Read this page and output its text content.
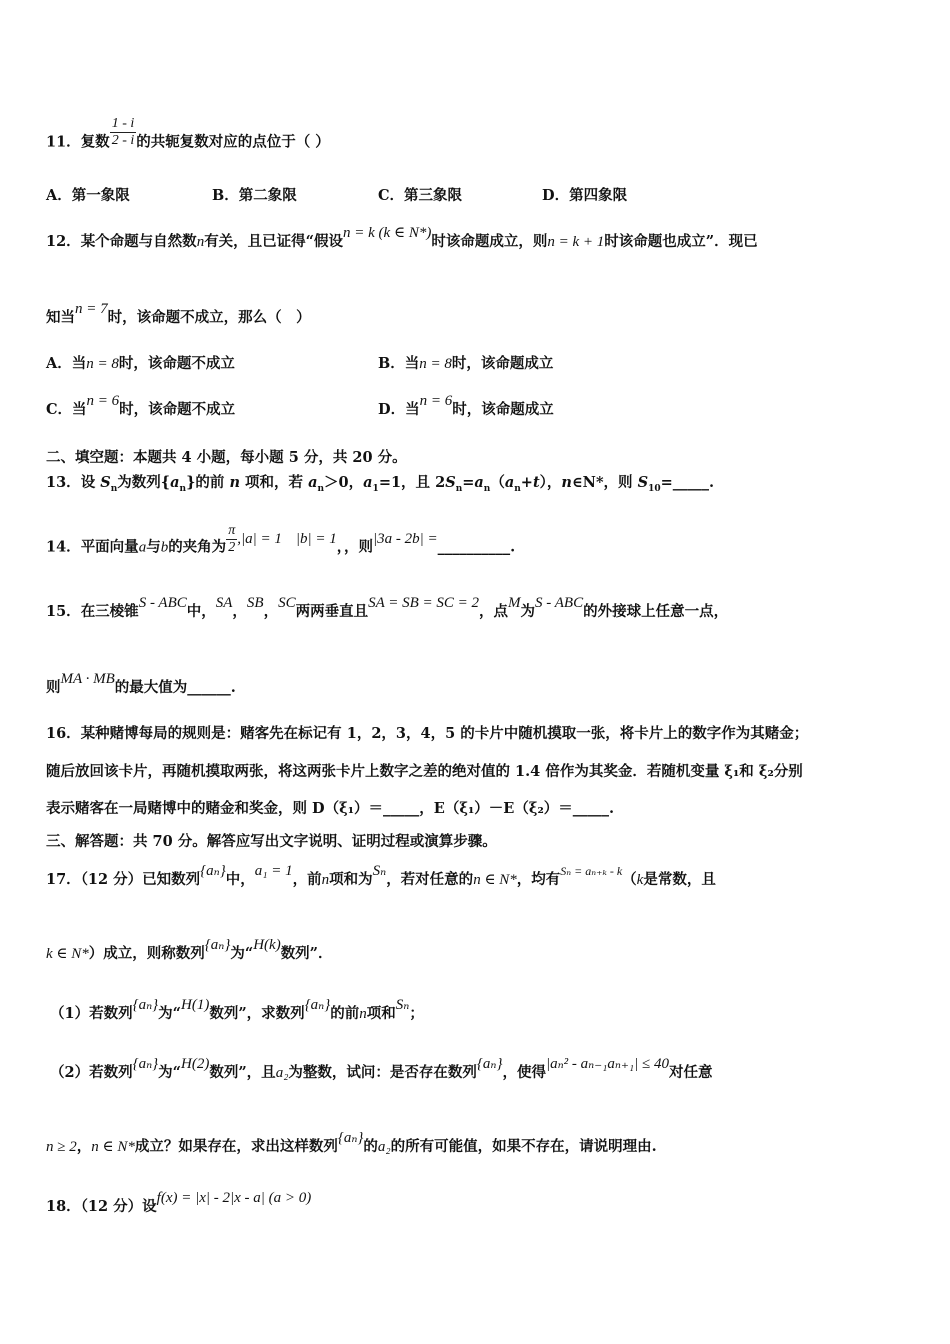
11．复数 $\frac{1 - i}{2 - i}$ 的共轭复数对应的点位于（ ）
A．第一象限	B．第二象限	C．第三象限	D．第四象限
12．某个命题与自然数n有关，且已证得“假设n = k (k ∈ N*)时该命题成立，则n = k + 1时该命题也成立”．现已
知当n = 7时，该命题不成立，那么（　）
A．当n = 8时，该命题不成立	B．当n = 8时，该命题成立
C．当n = 6时，该命题不成立	D．当n = 6时，该命题成立
二、填空题：本题共 4 小题，每小题 5 分，共 20 分。
13．设 $S_n$为数列$\{a_n\}$的前 n 项和，若 $a_n>0$，$a_1=1$，且 $2S_n=a_n(a_n+t)$，n∈N*，则 $S_{10}=\_\_\_\_\_$.
14．平面向量a与b的夹角为 $\frac{\pi}{2} ,|a| = 1$ |b| = 1，，则|3a - 2b| =__________.
15．在三棱锥S - ABC中，SA，SB，SC两两垂直且SA = SB = SC = 2，点M为S - ABC的外接球上任意一点，
则MA · MB的最大值为______.
16．某种赌博每局的规则是：赌客先在标记有 1，2，3，4，5 的卡片中随机摸取一张，将卡片上的数字作为其赌金；
随后放回该卡片，再随机摸取两张，将这两张卡片上数字之差的绝对值的 1.4 倍作为其奖金．若随机变量 ξ₁和 ξ₂分别
表示赌客在一局赌博中的赌金和奖金，则 D（ξ₁）＝_____，E（ξ₁）－E（ξ₂）＝_____.
三、解答题：共 70 分。解答应写出文字说明、证明过程或演算步骤。
17．（12 分）已知数列{aₙ}中，a₁ = 1，前n项和为Sₙ，若对任意的n ∈ N*，均有$^{S_n = a_{n+k} - k}$（k是常数，且
k ∈ N*）成立，则称数列{aₙ}为“H(k)数列”．
（1）若数列{aₙ}为“H(1)数列”，求数列{aₙ}的前n项和Sₙ；
（2）若数列{aₙ}为“H(2)数列”，且a₂为整数，试问：是否存在数列{aₙ}，使得|aₙ² - aₙ₋₁aₙ₊₁| ≤ 40对任意
n ≥ 2，n ∈ N*成立？如果存在，求出这样数列{aₙ}的a₂的所有可能值，如果不存在，请说明理由.
18．（12 分）设f(x) = |x| - 2|x - a| (a > 0)
